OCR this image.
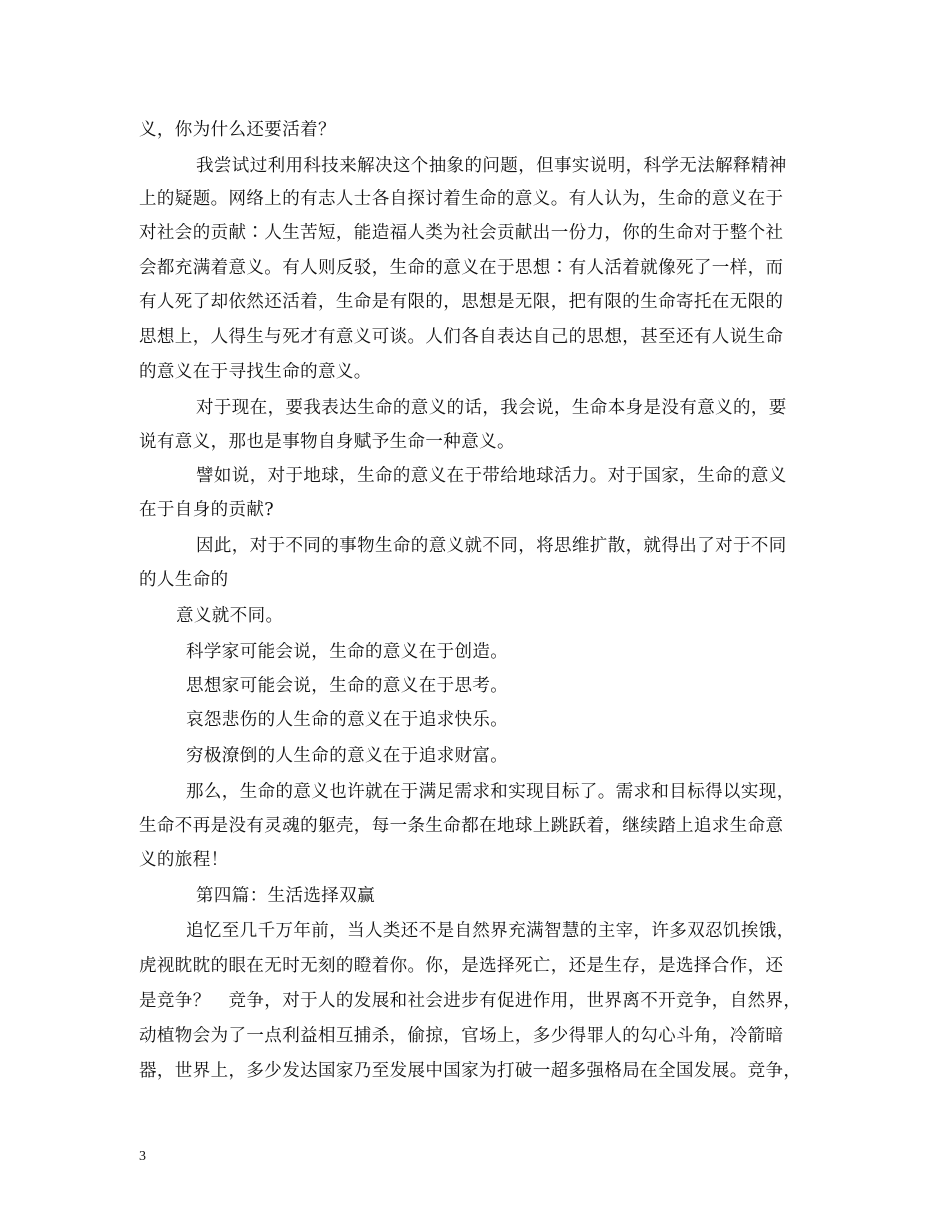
义，你为什么还要活着？
我尝试过利用科技来解决这个抽象的问题，但事实说明，科学无法解释精神
上的疑题。网络上的有志人士各自探讨着生命的意义。有人认为，生命的意义在于
对社会的贡献∶人生苦短，能造福人类为社会贡献出一份力，你的生命对于整个社
会都充满着意义。有人则反驳，生命的意义在于思想∶有人活着就像死了一样，而
有人死了却依然还活着，生命是有限的，思想是无限，把有限的生命寄托在无限的
思想上，人得生与死才有意义可谈。人们各自表达自己的思想，甚至还有人说生命
的意义在于寻找生命的意义。
对于现在，要我表达生命的意义的话，我会说，生命本身是没有意义的，要
说有意义，那也是事物自身赋予生命一种意义。
譬如说，对于地球，生命的意义在于带给地球活力。对于国家，生命的意义
在于自身的贡献?
因此，对于不同的事物生命的意义就不同，将思维扩散，就得出了对于不同
的人生命的
意义就不同。
科学家可能会说，生命的意义在于创造。
思想家可能会说，生命的意义在于思考。
哀怨悲伤的人生命的意义在于追求快乐。
穷极潦倒的人生命的意义在于追求财富。
那么，生命的意义也许就在于满足需求和实现目标了。需求和目标得以实现，
生命不再是没有灵魂的躯壳，每一条生命都在地球上跳跃着，继续踏上追求生命意
义的旅程！
第四篇：生活选择双赢
追忆至几千万年前，当人类还不是自然界充满智慧的主宰，许多双忍饥挨饿，
虎视眈眈的眼在无时无刻的瞪着你。你，是选择死亡，还是生存，是选择合作，还
是竞争？　竞争，对于人的发展和社会进步有促进作用，世界离不开竞争，自然界，
动植物会为了一点利益相互捕杀，偷掠，官场上，多少得罪人的勾心斗角，冷箭暗
器，世界上，多少发达国家乃至发展中国家为打破一超多强格局在全国发展。竞争，
3
